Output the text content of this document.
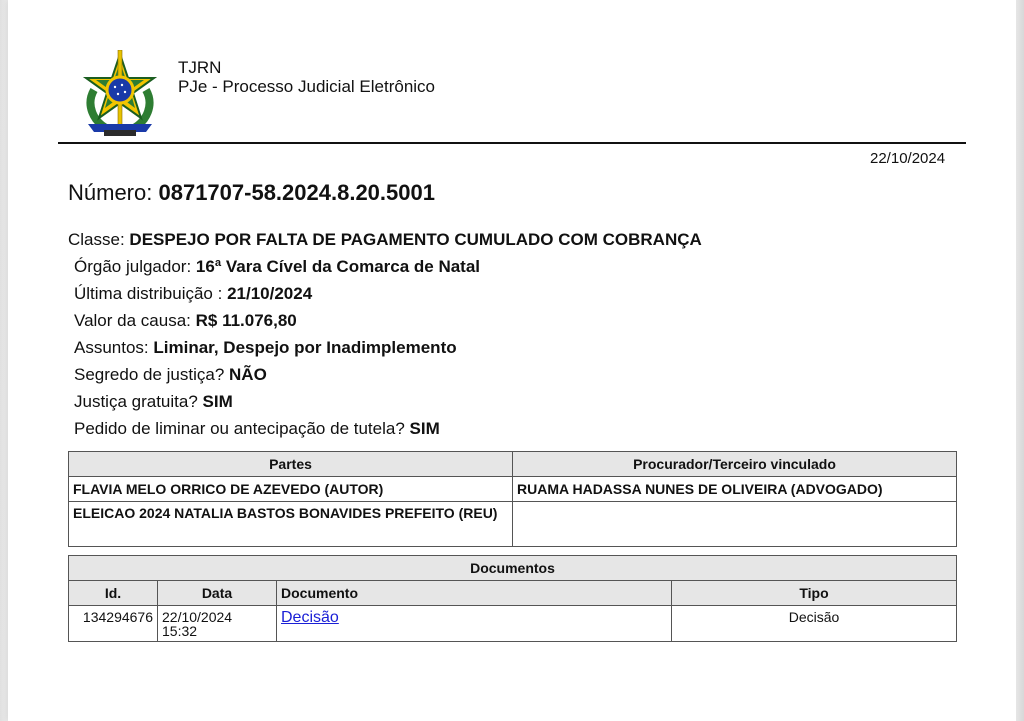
TJRN
PJe - Processo Judicial Eletrônico
22/10/2024
Número: 0871707-58.2024.8.20.5001
Classe: DESPEJO POR FALTA DE PAGAMENTO CUMULADO COM COBRANÇA
Órgão julgador: 16ª Vara Cível da Comarca de Natal
Última distribuição : 21/10/2024
Valor da causa: R$ 11.076,80
Assuntos: Liminar, Despejo por Inadimplemento
Segredo de justiça? NÃO
Justiça gratuita? SIM
Pedido de liminar ou antecipação de tutela? SIM
Partes	Procurador/Terceiro vinculado
FLAVIA MELO ORRICO DE AZEVEDO (AUTOR)	RUAMA HADASSA NUNES DE OLIVEIRA (ADVOGADO)
ELEICAO 2024 NATALIA BASTOS BONAVIDES PREFEITO (REU)	
Documentos			
Id.	Data	Documento	Tipo
134294676	22/10/2024 15:32	Decisão	Decisão
